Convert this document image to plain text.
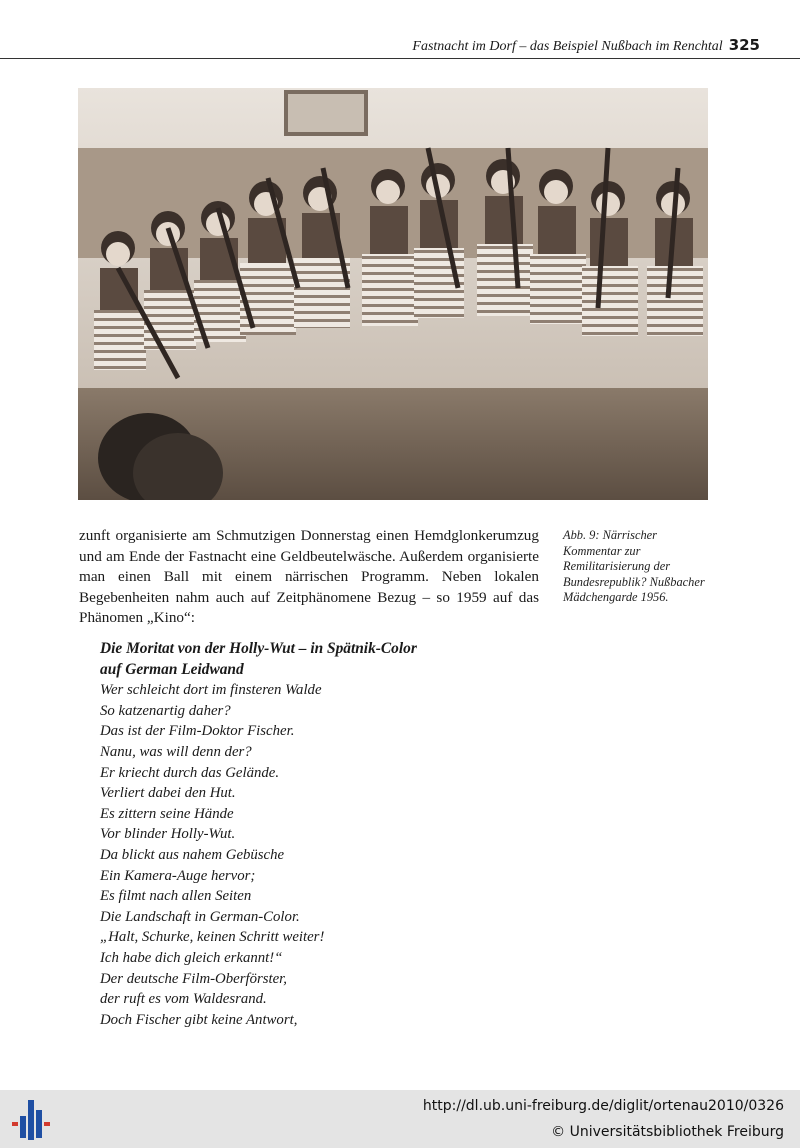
Fastnacht im Dorf – das Beispiel Nußbach im Renchtal 325

zunft organisierte am Schmutzigen Donnerstag einen Hemdglonkerumzug und am Ende der Fastnacht eine Geldbeutelwäsche. Außerdem organisierte man einen Ball mit einem närrischen Programm. Neben lokalen Begebenheiten nahm auch auf Zeitphänomene Bezug – so 1959 auf das Phänomen „Kino“:

Abb. 9: Närrischer Kommentar zur Remilitarisierung der Bundesrepublik? Nußbacher Mädchengarde 1956.
Die Moritat von der Holly-Wut – in Spätnik-Color
auf German Leidwand
Wer schleicht dort im finsteren Walde
So katzenartig daher?
Das ist der Film-Doktor Fischer.
Nanu, was will denn der?
Er kriecht durch das Gelände.
Verliert dabei den Hut.
Es zittern seine Hände
Vor blinder Holly-Wut.
Da blickt aus nahem Gebüsche
Ein Kamera-Auge hervor;
Es filmt nach allen Seiten
Die Landschaft in German-Color.
„Halt, Schurke, keinen Schritt weiter!
Ich habe dich gleich erkannt!“
Der deutsche Film-Oberförster,
der ruft es vom Waldesrand.
Doch Fischer gibt keine Antwort,
http://dl.ub.uni-freiburg.de/diglit/ortenau2010/0326
© Universitätsbibliothek Freiburg
